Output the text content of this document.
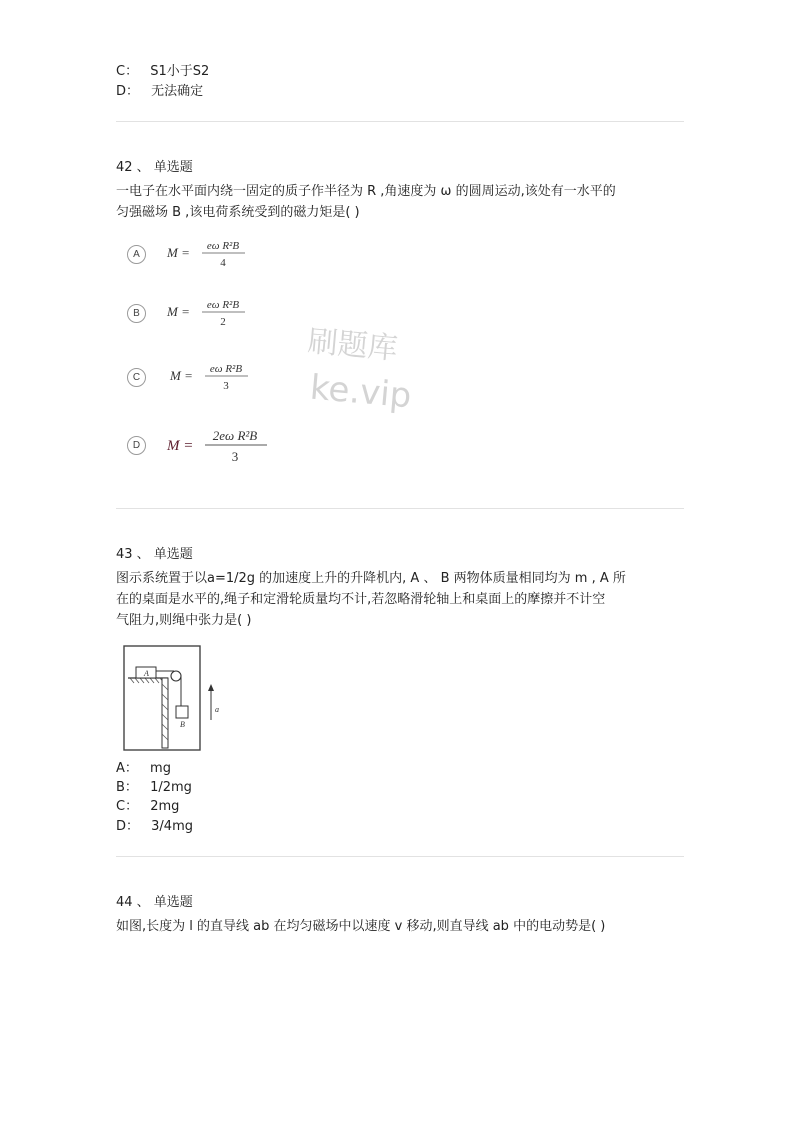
C： S1小于S2
D： 无法确定
42 、 单选题
一电子在水平面内绕一固定的质子作半径为 R ,角速度为 ω 的圆周运动,该处有一水平的
匀强磁场 B ,该电荷系统受到的磁力矩是( )
A	M = eω R²B
4
B	M = eω R²B
2
C	M = eω R²B
3
D	M =
2eω R²B
3
刷题库
ke.vip
43 、 单选题
图示系统置于以a=1/2g 的加速度上升的升降机内, A 、 B 两物体质量相同均为 m , A 所
在的桌面是水平的,绳子和定滑轮质量均不计,若忽略滑轮轴上和桌面上的摩擦并不计空
气阻力,则绳中张力是( )
A
B
a
A： mg
B： 1/2mg
C： 2mg
D： 3/4mg
44 、 单选题
如图,长度为 l 的直导线 ab 在均匀磁场中以速度 v 移动,则直导线 ab 中的电动势是( )
